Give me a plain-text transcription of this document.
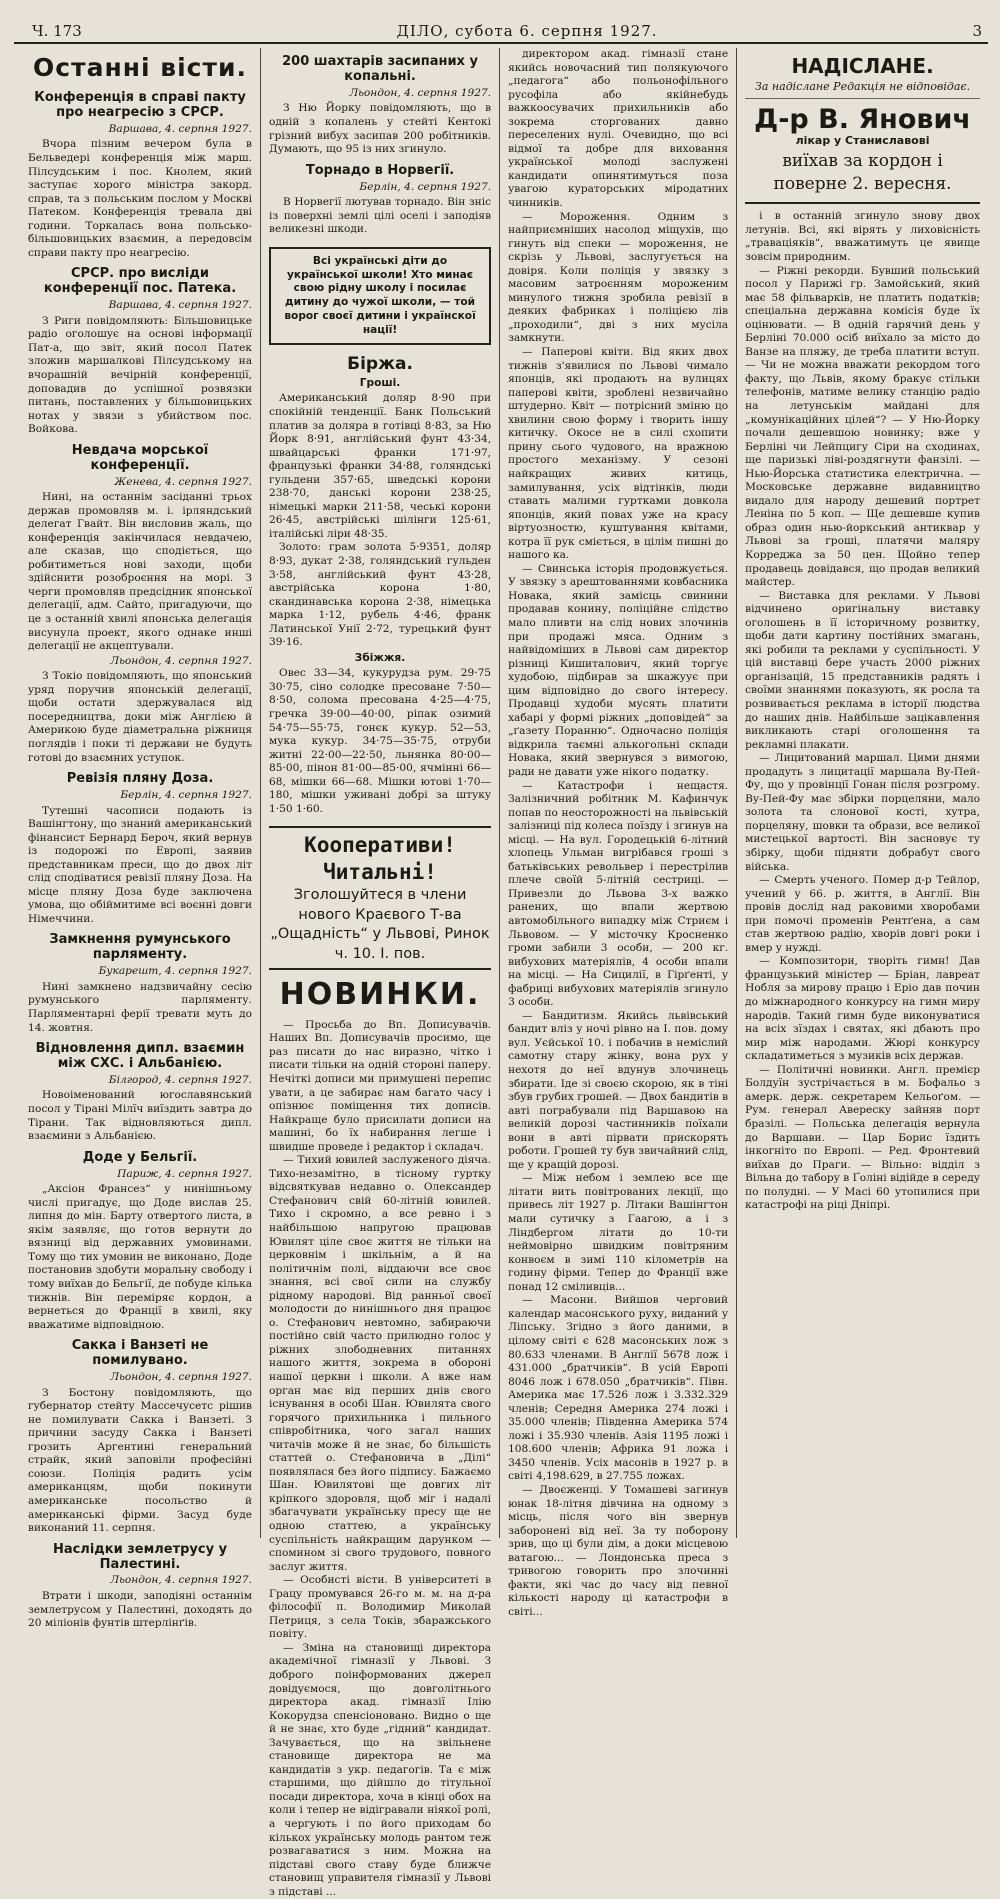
Ч. 173	ДІЛО, субота 6. серпня 1927.	3
Останні вісти.
Конференція в справі пакту про неагресію з СРСР.
Варшава, 4. серпня 1927.

Вчора пізним вечером була в Бельведері конференція між марш. Пілсудським і пос. Кнолем, який заступає хорого міністра закорд. справ, та з польським послом у Москві Патеком. Конференція тревала дві години. Торкалась вона польсько-більшовицьких взаємин, а передовсім справи пакту про неагресію.

СРСР. про висліди конференції пос. Патека.
Варшава, 4. серпня 1927.

З Риги повідомляють: Більшовицьке радіо оголошує на основі інформації Пат-а, що звіт, який посол Патек зложив маршалкові Пілсудському на вчорашній вечірній конференції, доповадив до успішної розвязки питань, поставлених у більшовицьких нотах у звязи з убийством пос. Войкова.

Невдача морської конференції.
Женева, 4. серпня 1927.

Нині, на останнім засіданні трьох держав промовляв м. і. ірляндський делегат Гвайт. Він висловив жаль, що конференція закінчилася невдачею, але сказав, що сподіється, що робитиметься нові заходи, щоби здійснити розоброєння на морі. З черги промовляв предсідник японської делегації, адм. Сайто, пригадуючи, що це з останній хвилі японська делегація висунула проект, якого однаке инші делегації не акцептували.

Льондон, 4. серпня 1927.

З Токіо повідомляють, що японський уряд поручив японській делегації, щоби остати здержувалася від посередництва, доки між Англією й Америкою буде діаметральна ріжниця поглядів і поки ті держави не будуть готові до взаємних уступок.

Ревізія пляну Доза.
Берлін, 4. серпня 1927.

Тутешні часописи подають із Вашінгтону, що знаний американський фінансист Бернард Бероч, який вернув із подорожі по Европі, заявив представникам преси, що до двох літ слід сподіватися ревізії пляну Доза. На місце пляну Доза буде заключена умова, що обіймитиме всі воєнні довги Німеччини.

Замкнення румунського парляменту.
Букарешт, 4. серпня 1927.

Нині замкнено надзвичайну сесію румунського парляменту. Парляментарні ферії тревати муть до 14. жовтня.

Відновлення дипл. взаємин між СХС. і Альбанією.
Білгород, 4. серпня 1927.

Новоіменований югославянський посол у Тірані Мілїч виїздить завтра до Тірани. Так відновляються дипл. взаємини з Альбанією.

Доде у Бельгії.
Париж, 4. серпня 1927.

„Аксіон Франсез“ у нинішньому числі пригадує, що Доде вислав 25. липня до мін. Барту отвертого листа, в якім заявляє, що готов вернути до вязниці від державних умовинами. Тому що тих умовин не виконано, Доде постановив здобути моральну свободу і тому виїхав до Бельгії, де побуде кілька тижнів. Він переміряє кордон, а вернеться до Франції в хвилі, яку вважатиме відповідною.

Сакка і Ванзеті не помилувано.
Льондон, 4. серпня 1927.

З Бостону повідомляють, що губернатор стейту Массечусетс рішив не помилувати Сакка і Ванзеті. З причини засуду Сакка і Ванзеті грозить Аргентині генеральний страйк, який заповіли професійні союзи. Поліція радить усім американцям, щоби покинути американське посольство й американські фірми. Засуд буде виконаний 11. серпня.

Наслідки землетрусу у Палестині.
Льондон, 4. серпня 1927.

Втрати і шкоди, заподіяні останнім землетрусом у Палестині, доходять до 20 міліонів фунтів штерлінґів.

200 шахтарів засипаних у копальні.
Льондон, 4. серпня 1927.

З Ню Йорку повідомляють, що в одній з копалень у стейті Кентокі грізний вибух засипав 200 робітників. Думають, що 95 із них згинуло.

Торнадо в Норвегії.
Берлін, 4. серпня 1927.

В Норвегії лютував торнадо. Він зніс із поверхні землі цілі оселі і заподіяв великезні шкоди.

Всі українські діти до української школи! Хто минає свою рідну школу і посилає дитину до чужої школи, — той ворог своєї дитини і українскої нації!
Біржа.
Гроші.

Американський доляр 8·90 при спокійній тенденції. Банк Польський платив за доляра в готівці 8·83, за Ню Йорк 8·91, англійський фунт 43·34, швайцарські франки 171·97, французькі франки 34·88, голяндські гульдени 357·65, шведські корони 238·70, данські корони 238·25, німецькі марки 211·58, чеські корони 26·45, австрійські шілінги 125·61, італійські ліри 48·35.

Золото: грам золота 5·9351, доляр 8·93, дукат 2·38, голяндський гульден 3·58, англійський фунт 43·28, австрійська корона 1·80, скандинавська корона 2·38, німецька марка 1·12, рубель 4·46, франк Латинської Унії 2·72, турецький фунт 39·16.

Збіжжя.

Овес 33—34, кукурудза рум. 29·75 30·75, сіно солодке пресоване 7·50—8·50, солома пресована 4·25—4·75, гречка 39·00—40·00, ріпак озимий 54·75—55·75, гонєк кукур. 52—53, мука кукур. 34·75—35·75, отруби житні 22·00—22·50, льнянка 80·00—85·00, пінон 81·00—85·00, ячмінні 66—68, мішки 66—68. Мішки ютові 1·70—180, мішки уживані добрі за штуку 1·50 1·60.

Кооперативи! Читальні!
Зголошуйтеся в члени нового Краєвого Т-ва „Ощадність“ у Львові, Ринок ч. 10. I. пов.
НОВИНКИ.

— Просьба до Вп. Дописувачів. Наших Вп. Дописувачів просимо, ще раз писати до нас виразно, чітко і писати тільки на одній стороні паперу. Нечіткі дописи ми примушені перепис увати, а це забирає нам багато часу і опізнює поміщення тих дописів. Найкраще було присилати дописи на машині, бо їх набирання легше і швидше проведе і редактор і складач.

— Тихий ювилей заслуженого діяча. Тихо-незамітно, в тісному гуртку відсвяткував недавно о. Олександер Стефанович свій 60-літній ювилей. Тихо і скромно, а все ревно і з найбільшою напругою працював Ювилят ціле своє життя не тільки на церковнім і шкільнім, а й на політичнім полі, віддаючи все своє знання, всі свої сили на службу рідному народові. Від ранньої своєї молодости до нинішнього дня працює о. Стефанович невтомно, забираючи постійно свій часто прилюдно голос у ріжних злободневних питаннях нашого життя, зокрема в обороні нашої церкви і школи. А вже нам орган має від перших днів свого існування в особі Шан. Ювилята свого горячого прихильника і пильного співробітника, чого загал наших читачів може й не знає, бо більшість статтей о. Стефановича в „Ділі“ появлялася без його підпису. Бажаємо Шан. Ювилятові ще довгих літ кріпкого здоровля, щоб міг і надалі збагачувати українську пресу ще не одною статтею, а українську суспільність найкращим дарунком — спомином зі свого трудового, повного заслуг життя.

— Особисті вісти. В університеті в Грацу промувався 26-го м. м. на д-ра філософії п. Володимир Миколай Петриця, з села Токів, збаражського повіту.

— Зміна на становищі директора академічної гімназії у Львові. З доброго поінформованих джерел довідуємося, що довголітнього директора акад. гімназії Ілію Кокорудза спенсіоновано. Видно о ще й не знає, хто буде „гідний“ кандидат. Зачувається, що на звільнене становище директора не ма кандидатів з укр. педагогів. Та є між старшими, що дійшло до тітульної посади директора, хоча в кінці обох на коли і тепер не відігравали ніякої ролі, а чергують і по його приходам бо кількох українську молодь рантом теж розвагаватися з ним. Можна на підставі свого ставу буде ближче становищ управителя гімназії у Львові з підставі ...

директором акад. гімназії стане якийсь новочасний тип полякуючого „педагога“ або польонофільного русофіла або якійнебудь важкоосувачих прихильників або зокрема сторгованих давно переселених нулі. Очевидно, що всі відмої та добре для виховання української молоді заслужені кандидати опинятимуться поза увагою кураторських міродатних чинників.

— Мороження. Одним з найприємніших насолод міщухів, що гинуть від спеки — мороження, не скрізь у Львові, заслугується на довіря. Коли поліція у звязку з масовим затроєнням мороженим минулого тижня зробила ревізії в деяких фабриках і поліцією лів „проходили“, дві з них мусіла замкнути.

— Паперові квіти. Від яких двох тижнів з'явилися по Львові чимало японців, які продають на вулицях паперові квіти, зроблені незвичайно штудерно. Квіт — потрісний зміню цо хвилини свою форму і творить іншу китичку. Окосе не в силі схопити прину сього чудового, на вражною простого механізму. У сезоні найкращих живих китиць, замилування, усіх відтінків, люди ставать малими гуртками довкола японців, який повах уже на красу віртуозностю, куштування квітами, котра її рук сміється, в цілім пишні до нашого ка.

— Свинська історія продовжується. У звязку з арештованнями ковбасника Новака, який замісць свинини продавав конину, поліційне слідство мало пливти на слід нових злочинів при продажі мяса. Одним з найвідоміших в Львові сам директор різниці Кишиталович, який торгує худобою, підбирав за шкажуує при цим відповідно до свого інтересу. Продавці худоби мусять платити хабарі у формі ріжних „доповідей“ за „ґазету Поранню“. Одночасно поліція відкрила таємні алькогольні склади Новака, який звернувся з вимогою, ради не давати уже нікого податку.

— Катастрофи і нещастя. Залізничний робітник М. Кафинчук попав по неосторожності на львівській залізниці під колеса поїзду і згинув на місці. — На вул. Городецькій 6-літний хлопець Ульман вигрібався гроші з батьківських револьвер і перестрілив плече своїй 5-літній сестриці. — Привезли до Львова 3-х важко ранених, що впали жертвою автомобільного випадку між Стриєм і Львовом. — У місточку Кросненко громи забили 3 особи, — 200 кг. вибухових матеріялів, 4 особи впали на місці. — На Сицилії, в Гірґенті, у фабриці вибухових матеріялів згинуло 3 особи.

— Бандитизм. Якийсь львівський бандит вліз у ночі рівно на I. пов. дому вул. Уєйської 10. і побачив в неміслий самотну стару жінку, вона рух у нехотя до неї вдунув злочинець збирати. Іде зі своєю скорою, як в тіні збув грубих грошей. — Двох бандитів в авті пограбували під Варшавою на великій дорозі частинників поїхали вони в авті пірвати прискорять роботи. Грошей ту був звичайний слід, ще у кращій дорозі.

— Між небом і землею все ще літати вить повітрованих лекції, що привесь літ 1927 р. Літаки Вашінгтон мали сутичку з Гаагою, а і з Ліндбергом літати до 10-ти неймовірно швидким повітряним конвоєм в зимі 110 кілометрів на годину фірми. Тепер до Франції вже понад 12 сміливців...

— Масони. Вийшов черговий календар масонського руху, виданий у Ліпську. Згідно з його даними, в цілому світі є 628 масонських лож з 80.633 членами. В Англії 5678 лож і 431.000 „братчиків“. В усій Европі 8046 лож і 678.050 „братчиків“. Півн. Америка має 17.526 лож і 3.332.329 членів; Середня Америка 274 ложі і 35.000 членів; Південна Америка 574 ложі і 35.930 членів. Азія 1195 ложі і 108.600 членів; Африка 91 ложа і 3450 членів. Усіх масонів в 1927 р. в світі 4,198.629, в 27.755 ложах.

— Двоєженці. У Томашеві загинув юнак 18-літня дівчина на одному з місць, після чого він звернув заборонені від неї. За ту поборону зрив, що ці були дім, а доки місцевою ватагою... — Лондонська преса з тривогою говорить про злочинні факти, які час до часу від певної кількості народу ці катастрофи в світі...

НАДІСЛАНЕ.
За надіслане Редакція не відповідає.
Д-р В. Янович
лікар у Станиславові
виїхав за кордон і поверне 2. вересня.

і в останній згинуло знову двох летунів. Всі, які вірять у лиховісність „траваціяків“, вважатимуть це явище зовсім природним.

— Ріжні рекорди. Бувший польський посол у Парижі гр. Замойський, який має 58 фільварків, не платить податків; спеціальна державна комісія буде їх оцінювати. — В одній гарячий день у Берліні 70.000 осіб виїхало за місто до Ванзе на пляжу, де треба платити вступ. — Чи не можна вважати рекордом того факту, що Львів, якому бракує стільки телефонів, матиме велику станцію радіо на летунськім майдані для „комунікаційних цілей“? — У Ню-Йорку почали дешевшою новинку; вже у Берліні чи Лейпцигу Сіри на сходинах, ще паризькі ліві-роздягнути фанзілі. — Нью-Йорська статистика електрична. — Московське державне видавництво видало для народу дешевий портрет Леніна по 5 коп. — Ще дешевше купив образ один нью-йоркський антиквар у Львові за гроші, платячи маляру Корреджа за 50 цен. Щойно тепер продавець довідався, що продав великий майстер.

— Виставка для реклами. У Львові відчинено оригінальну виставку оголошень в її історичному розвитку, щоби дати картину постійних змагань, які робили та реклами у суспільності. У цій виставці бере участь 2000 ріжних організацій, 15 представників радять і своїми знаннями показують, як росла та розвивається реклама в історії людства до наших днів. Найбільше зацікавлення викликають старі оголошення та рекламні плакати.

— Лицитований маршал. Цими днями продадуть з лицитації маршала Ву-Пей-Фу, що у провінції Гонан після розгрому. Ву-Пей-Фу має збірки порцеляни, мало золота та слонової кості, хутра, порцеляну, шовки та образи, все великої мистецької вартості. Він засновує ту збірку, щоби підняти добрабут свого війська.

— Смерть ученого. Помер д-р Тейлор, учений у 66. р. життя, в Англії. Він провів дослід над раковими хворобами при помочі променів Рентґена, а сам став жертвою радію, хворів довгі роки і вмер у нужді.

— Композитори, творіть гимн! Дав французький міністер — Бріан, лавреат Нобля за мирову працю і Еріо дав почин до міжнародного конкурсу на гимн миру народів. Такий гимн буде виконуватися на всіх зїздах і святах, які дбають про мир між народами. Жюрі конкурсу складатиметься з музиків всіх держав.

— Політичні новинки. Англ. премієр Болдуїн зустрічається в м. Бофальо з амерк. держ. секретарем Кельоґом. — Рум. генерал Авереску зайняв порт бразілі. — Польська делегація вернула до Варшави. — Цар Борис їздить інкогніто по Европі. — Ред. Фронтевий виїхав до Праги. — Вільно: відділ з Вільна до табору в Ґоліні відійде в середу по полудні. — У Масі 60 утопилися при катастрофі на ріці Дніпрі.
